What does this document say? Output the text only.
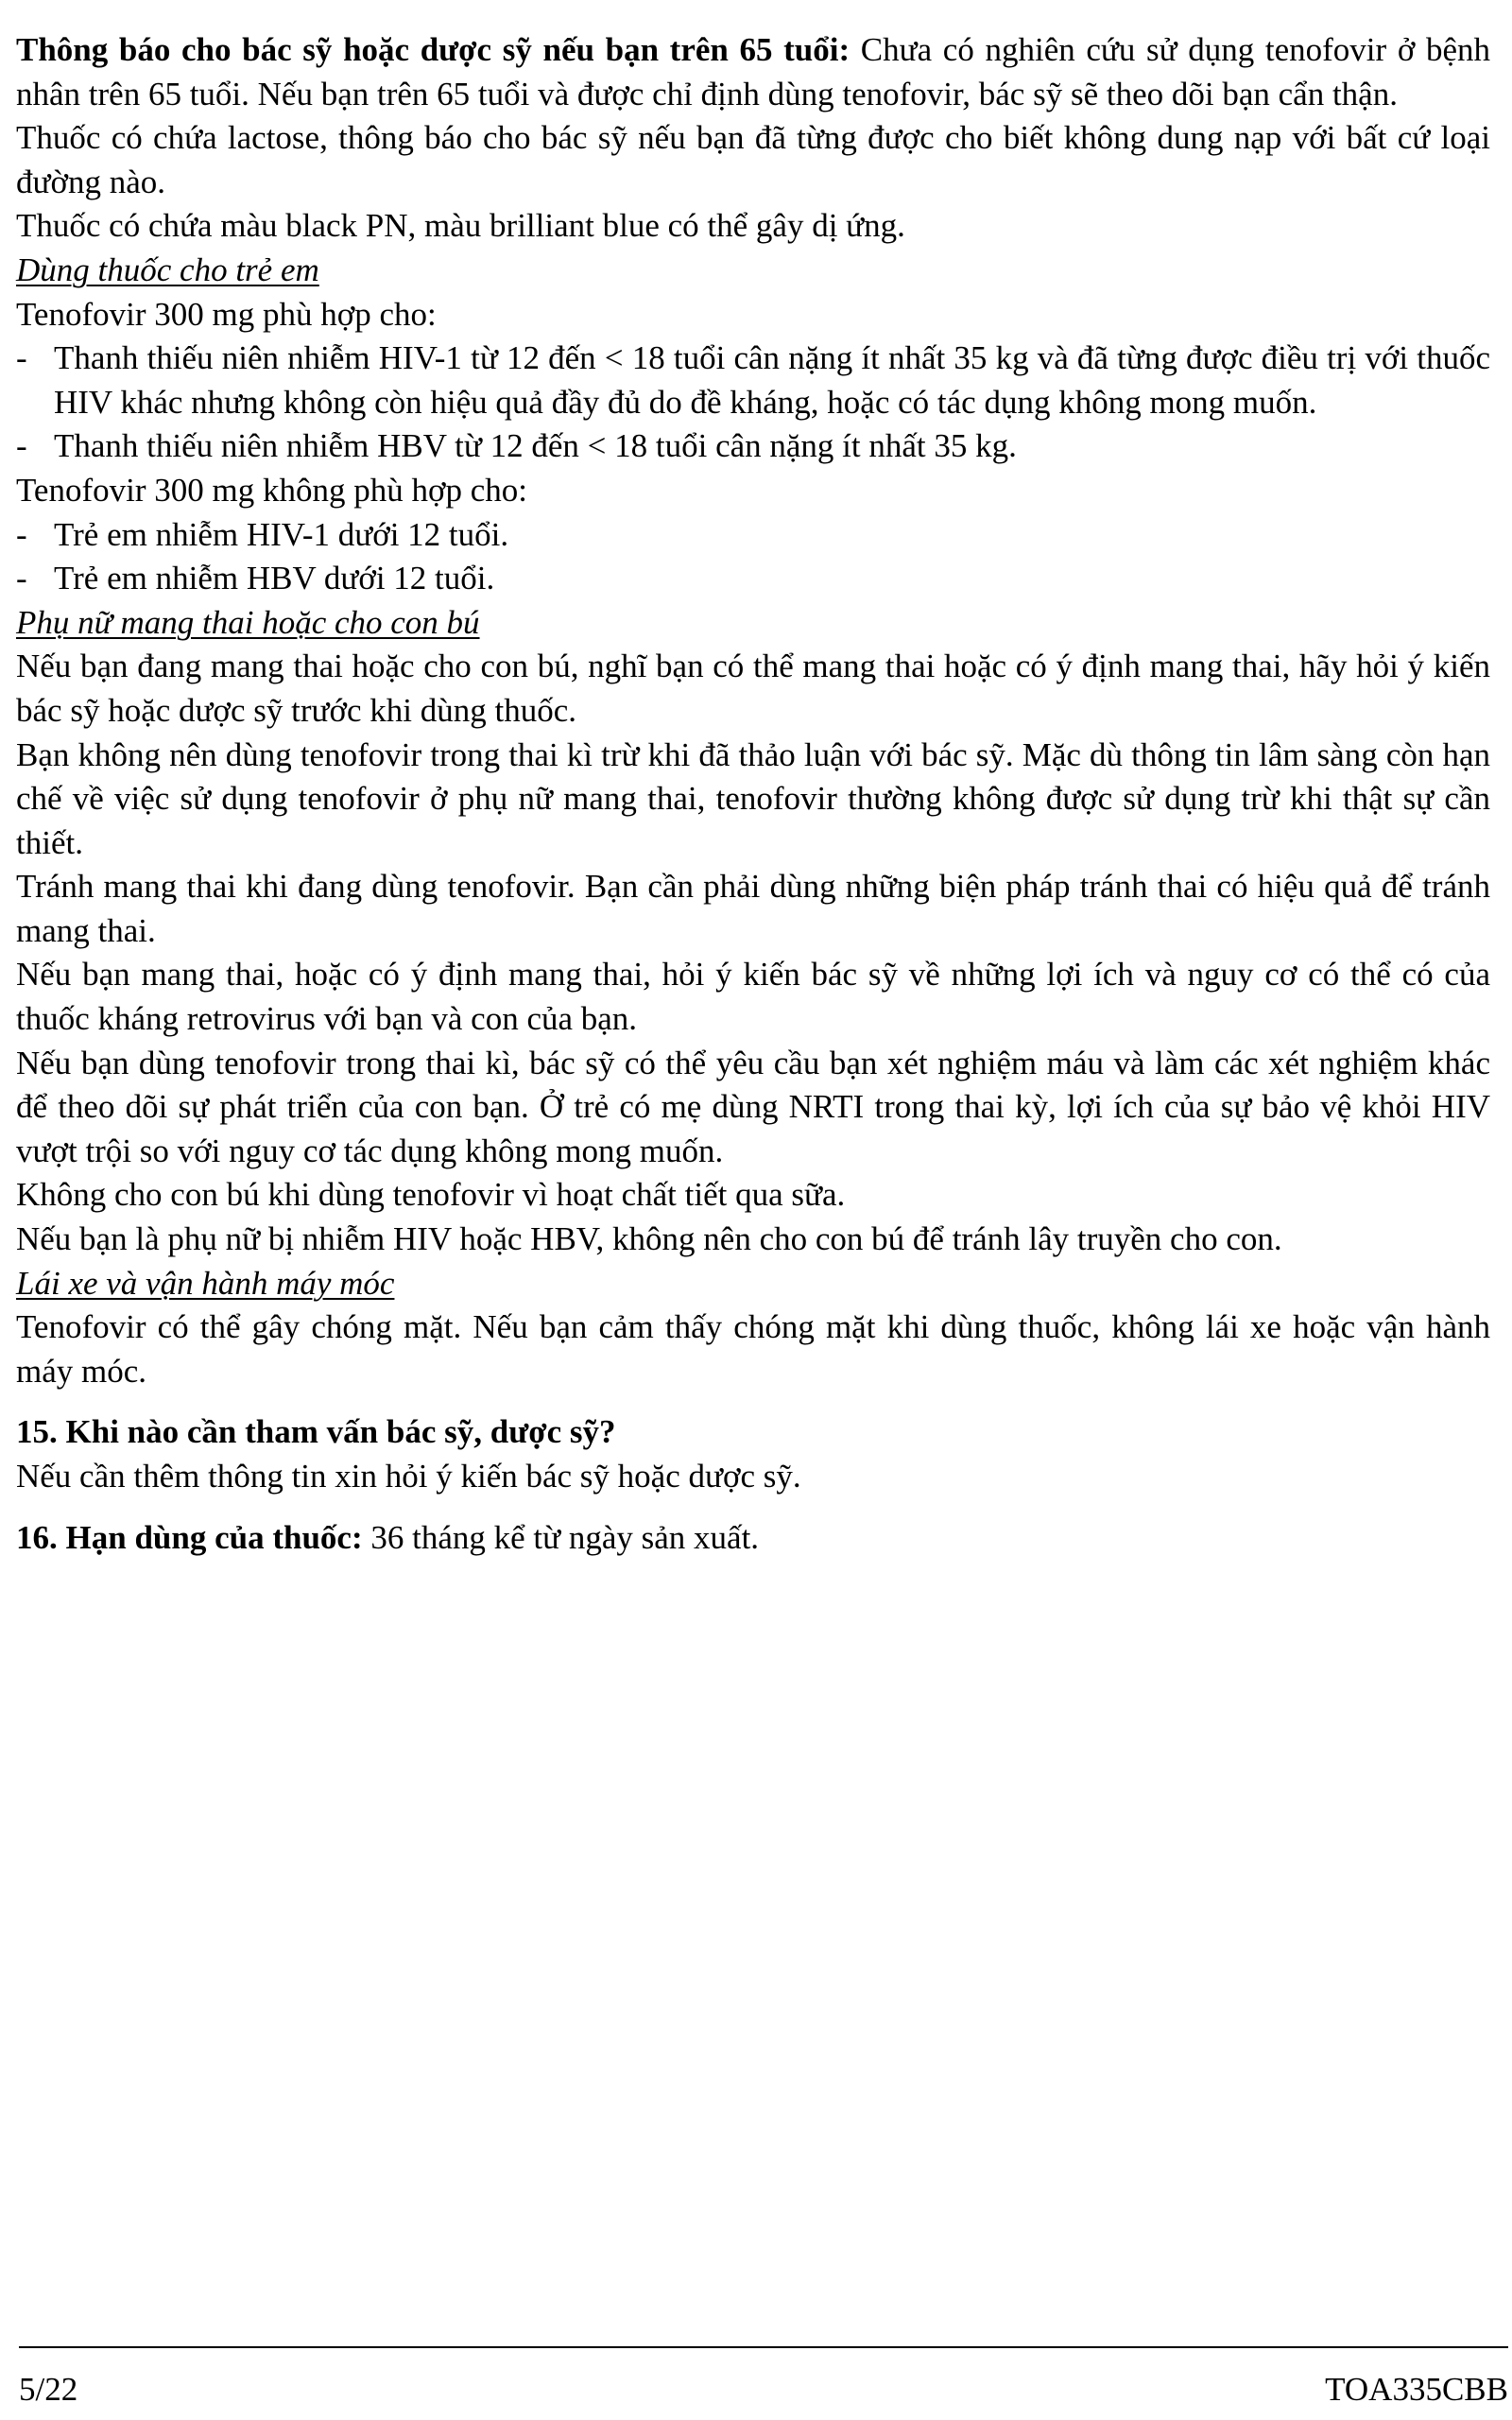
Thông báo cho bác sỹ hoặc dược sỹ nếu bạn trên 65 tuổi: Chưa có nghiên cứu sử dụng tenofovir ở bệnh nhân trên 65 tuổi. Nếu bạn trên 65 tuổi và được chỉ định dùng tenofovir, bác sỹ sẽ theo dõi bạn cẩn thận.

Thuốc có chứa lactose, thông báo cho bác sỹ nếu bạn đã từng được cho biết không dung nạp với bất cứ loại đường nào.

Thuốc có chứa màu black PN, màu brilliant blue có thể gây dị ứng.

Dùng thuốc cho trẻ em

Tenofovir 300 mg phù hợp cho:

- Thanh thiếu niên nhiễm HIV-1 từ 12 đến < 18 tuổi cân nặng ít nhất 35 kg và đã từng được điều trị với thuốc HIV khác nhưng không còn hiệu quả đầy đủ do đề kháng, hoặc có tác dụng không mong muốn.

- Thanh thiếu niên nhiễm HBV từ 12 đến < 18 tuổi cân nặng ít nhất 35 kg.

Tenofovir 300 mg không phù hợp cho:

- Trẻ em nhiễm HIV-1 dưới 12 tuổi.

- Trẻ em nhiễm HBV dưới 12 tuổi.

Phụ nữ mang thai hoặc cho con bú

Nếu bạn đang mang thai hoặc cho con bú, nghĩ bạn có thể mang thai hoặc có ý định mang thai, hãy hỏi ý kiến bác sỹ hoặc dược sỹ trước khi dùng thuốc.

Bạn không nên dùng tenofovir trong thai kì trừ khi đã thảo luận với bác sỹ. Mặc dù thông tin lâm sàng còn hạn chế về việc sử dụng tenofovir ở phụ nữ mang thai, tenofovir thường không được sử dụng trừ khi thật sự cần thiết.

Tránh mang thai khi đang dùng tenofovir. Bạn cần phải dùng những biện pháp tránh thai có hiệu quả để tránh mang thai.

Nếu bạn mang thai, hoặc có ý định mang thai, hỏi ý kiến bác sỹ về những lợi ích và nguy cơ có thể có của thuốc kháng retrovirus với bạn và con của bạn.

Nếu bạn dùng tenofovir trong thai kì, bác sỹ có thể yêu cầu bạn xét nghiệm máu và làm các xét nghiệm khác để theo dõi sự phát triển của con bạn. Ở trẻ có mẹ dùng NRTI trong thai kỳ, lợi ích của sự bảo vệ khỏi HIV vượt trội so với nguy cơ tác dụng không mong muốn.

Không cho con bú khi dùng tenofovir vì hoạt chất tiết qua sữa.

Nếu bạn là phụ nữ bị nhiễm HIV hoặc HBV, không nên cho con bú để tránh lây truyền cho con.

Lái xe và vận hành máy móc

Tenofovir có thể gây chóng mặt. Nếu bạn cảm thấy chóng mặt khi dùng thuốc, không lái xe hoặc vận hành máy móc.

15. Khi nào cần tham vấn bác sỹ, dược sỹ?

Nếu cần thêm thông tin xin hỏi ý kiến bác sỹ hoặc dược sỹ.

16. Hạn dùng của thuốc: 36 tháng kể từ ngày sản xuất.

5/22	TOA335CBB
